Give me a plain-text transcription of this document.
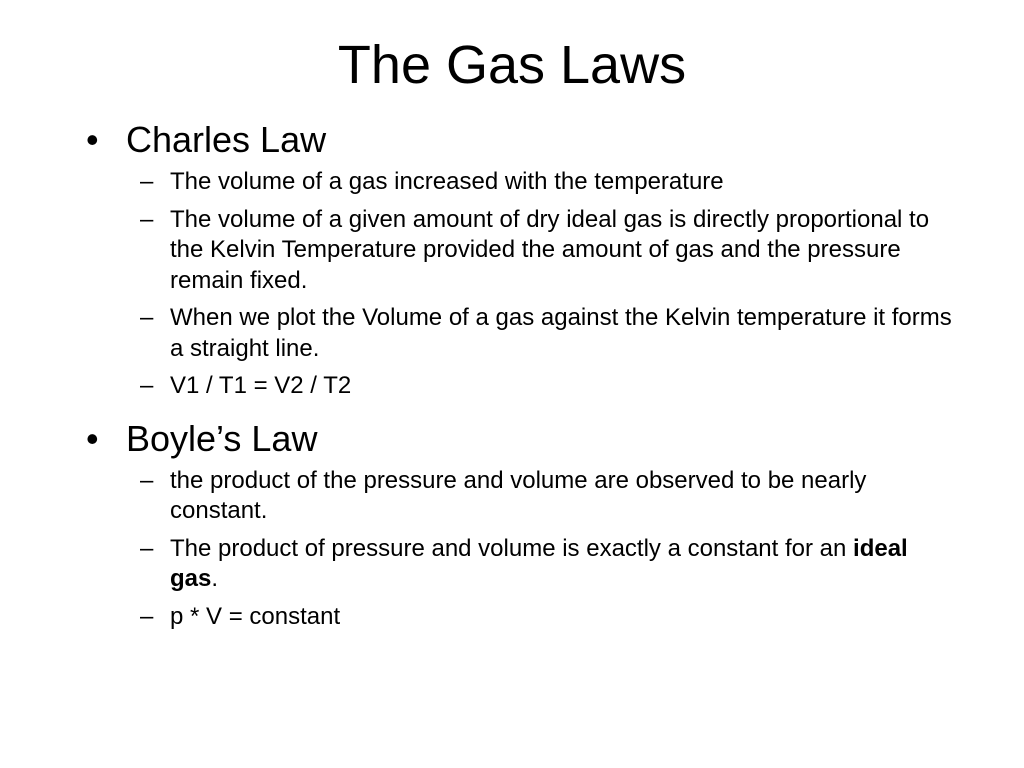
The Gas Laws

• Charles Law

– The volume of a gas increased with the temperature
– The volume of a given amount of dry ideal gas is directly proportional to the Kelvin Temperature provided the amount of gas and the pressure remain fixed.
– When we plot the Volume of a gas against the Kelvin temperature it forms a straight line.
– V1 / T1 = V2 / T2

• Boyle’s Law

– the product of the pressure and volume are observed to be nearly constant.
– The product of pressure and volume is exactly a constant for an ideal gas.
– p * V = constant
